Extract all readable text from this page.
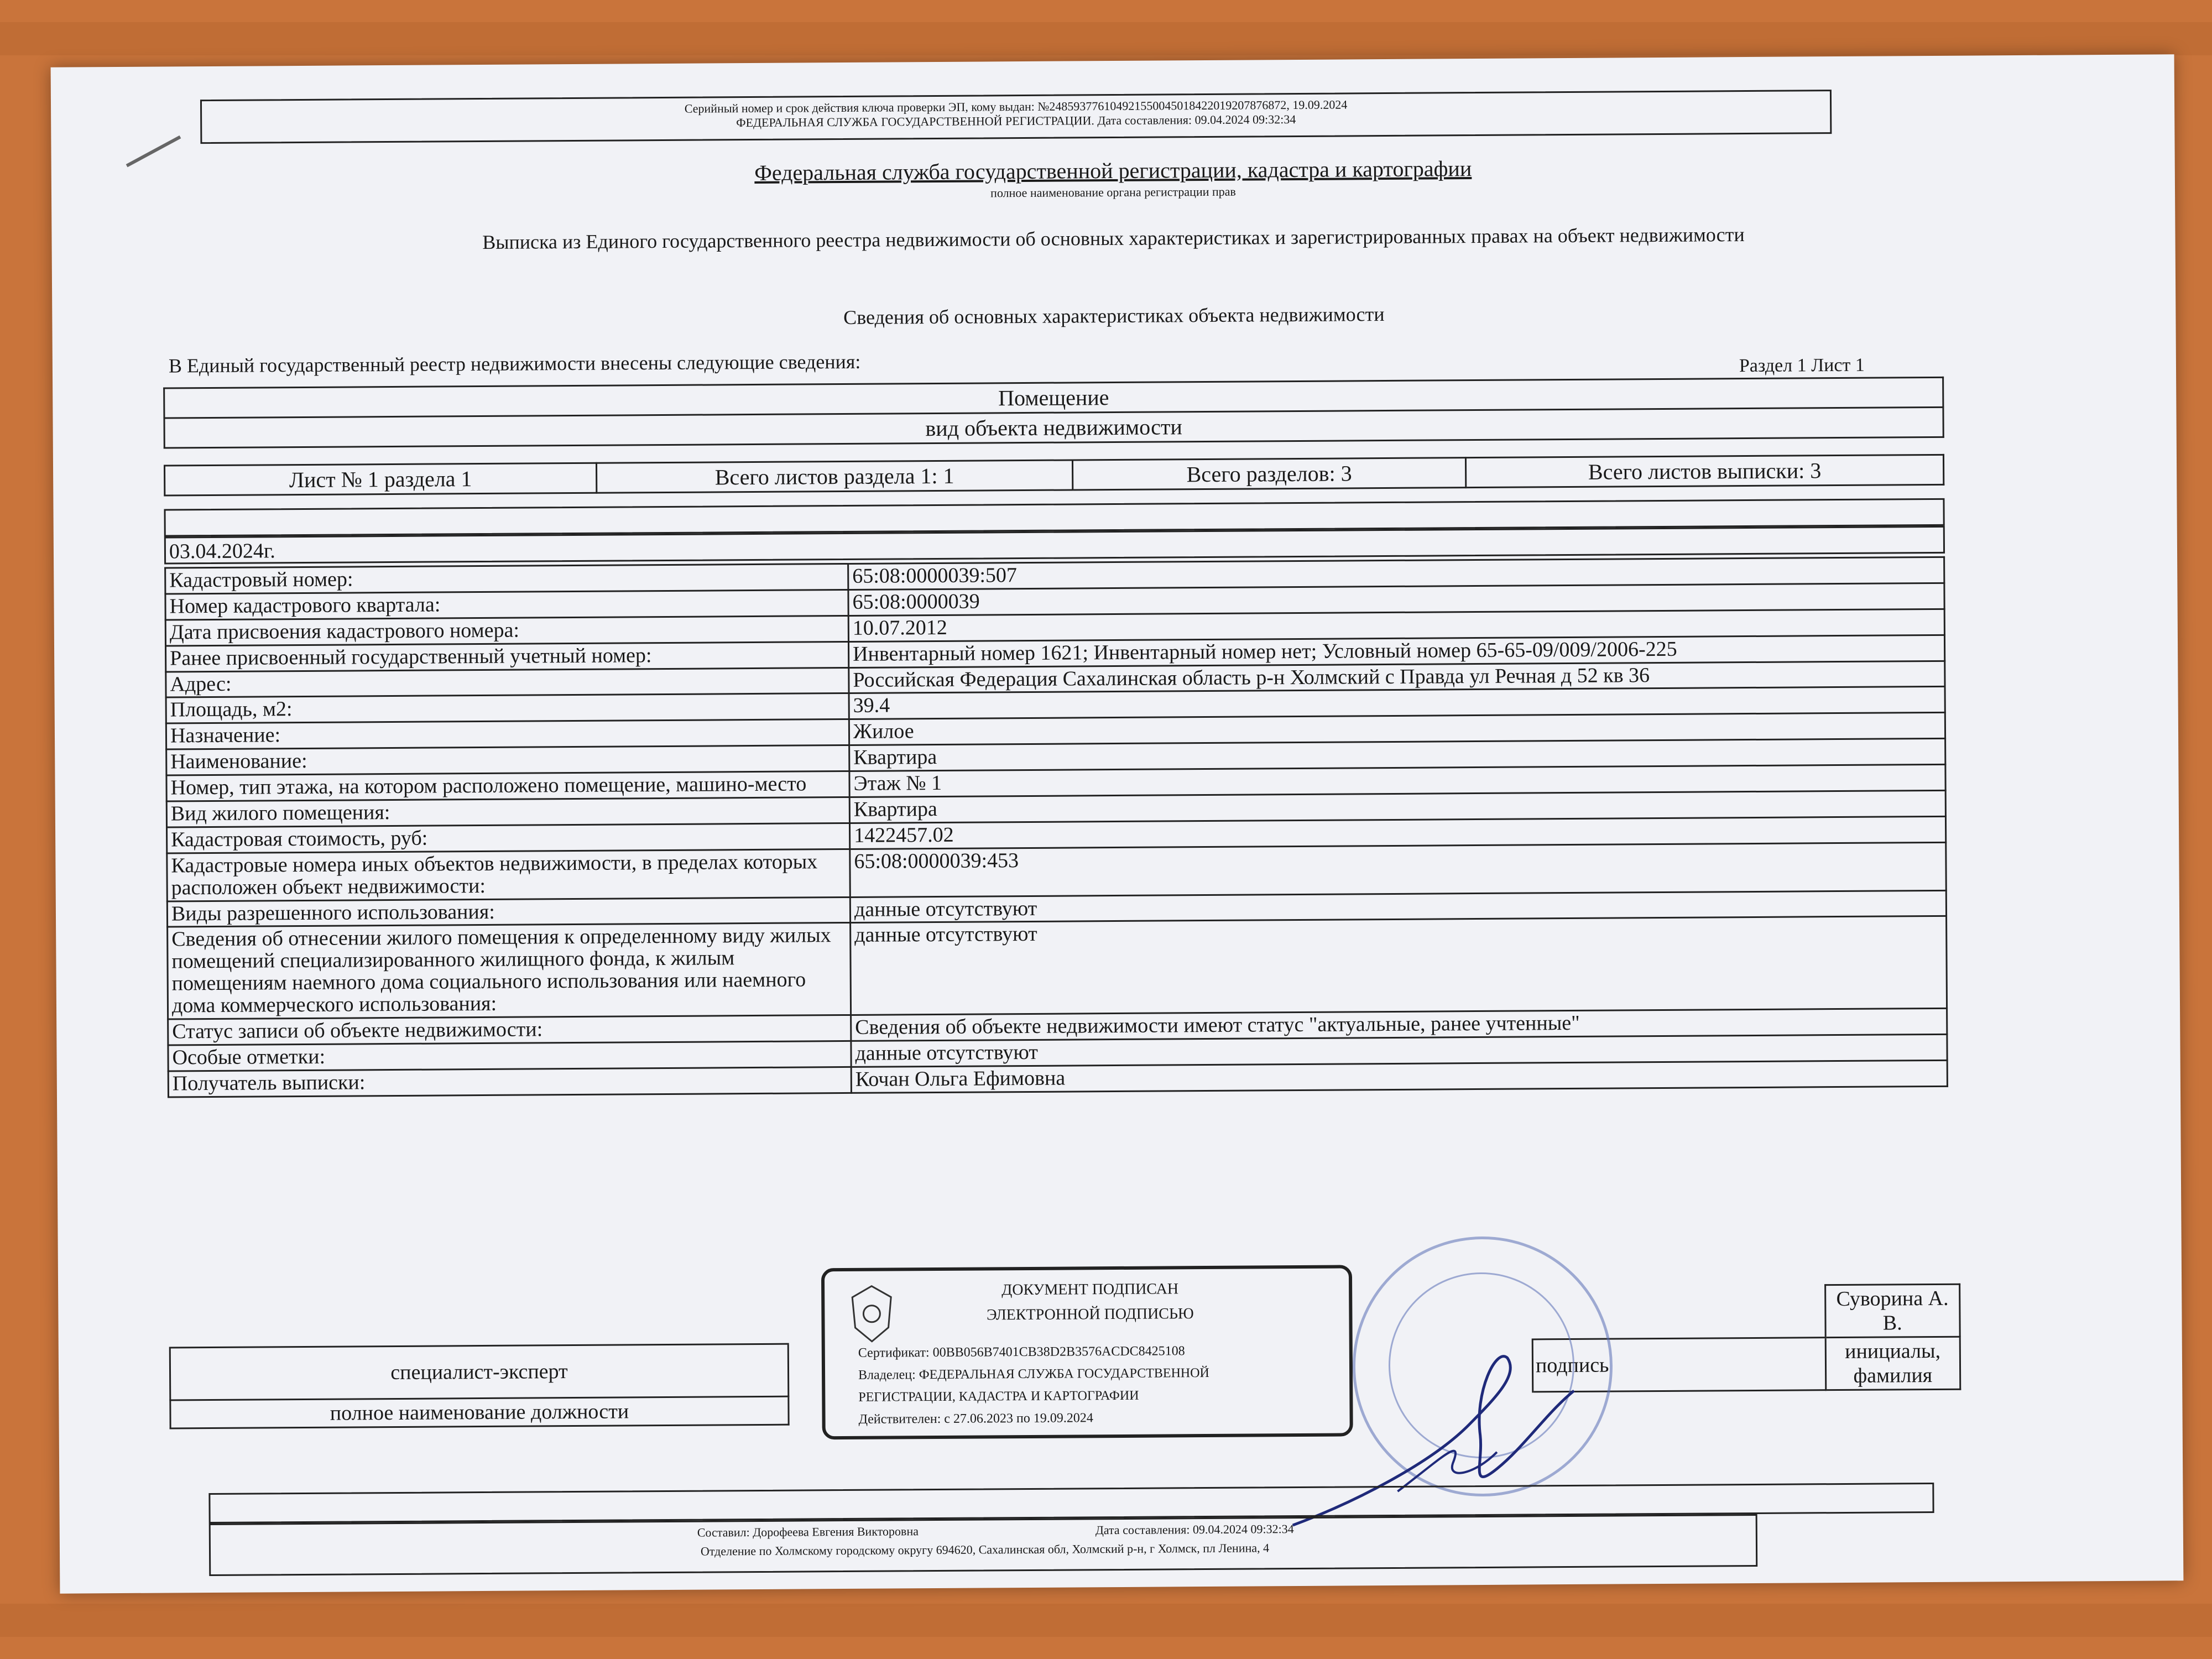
Серийный номер и срок действия ключа проверки ЭП, кому выдан: №24859377610492155004501842201920787687​2, 19.09.2024
ФЕДЕРАЛЬНАЯ СЛУЖБА ГОСУДАРСТВЕННОЙ РЕГИСТРАЦИИ. Дата составления: 09.04.2024 09:32:34
Федеральная служба государственной регистрации, кадастра и картографии
полное наименование органа регистрации прав
Выписка из Единого государственного реестра недвижимости об основных характеристиках и зарегистрированных правах на объект недвижимости
Сведения об основных характеристиках объекта недвижимости
В Единый государственный реестр недвижимости внесены следующие сведения:	Раздел 1 Лист 1
Помещение
вид объекта недвижимости
Лист № 1 раздела 1	Всего листов раздела 1: 1	Всего разделов: 3	Всего листов выписки: 3
03.04.2024г.
Кадастровый номер:	65:08:0000039:507
Номер кадастрового квартала:	65:08:0000039
Дата присвоения кадастрового номера:	10.07.2012
Ранее присвоенный государственный учетный номер:	Инвентарный номер 1621; Инвентарный номер нет; Условный номер 65-65-09/009/2006-225
Адрес:	Российская Федерация Сахалинская область р-н Холмский с Правда ул Речная д 52 кв 36
Площадь, м2:	39.4
Назначение:	Жилое
Наименование:	Квартира
Номер, тип этажа, на котором расположено помещение, машино-место	Этаж № 1
Вид жилого помещения:	Квартира
Кадастровая стоимость, руб:	1422457.02
Кадастровые номера иных объектов недвижимости, в пределах которых расположен объект недвижимости:	65:08:0000039:453
Виды разрешенного использования:	данные отсутствуют
Сведения об отнесении жилого помещения к определенному виду жилых помещений специализированного жилищного фонда, к жилым помещениям наемного дома социального использования или наемного дома коммерческого использования:	данные отсутствуют
Статус записи об объекте недвижимости:	Сведения об объекте недвижимости имеют статус "актуальные, ранее учтенные"
Особые отметки:	данные отсутствуют
Получатель выписки:	Кочан Ольга Ефимовна
				Суворина А. В.
специалист-эксперт			подпись	инициалы, фамилия
полное наименование должности				
ДОКУМЕНТ ПОДПИСАН
ЭЛЕКТРОННОЙ ПОДПИСЬЮ
Сертификат: 00BB056B7401CB38D2B3576ACDC8425108
Владелец: ФЕДЕРАЛЬНАЯ СЛУЖБА ГОСУДАРСТВЕННОЙ
РЕГИСТРАЦИИ, КАДАСТРА И КАРТОГРАФИИ
Действителен: с 27.06.2023 по 19.09.2024
Составил: Дорофеева Евгения Викторовна	Дата составления: 09.04.2024 09:32:34
Отделение по Холмскому городскому округу 694620, Сахалинская обл, Холмский р-н, г Холмск, пл Ленина, 4
